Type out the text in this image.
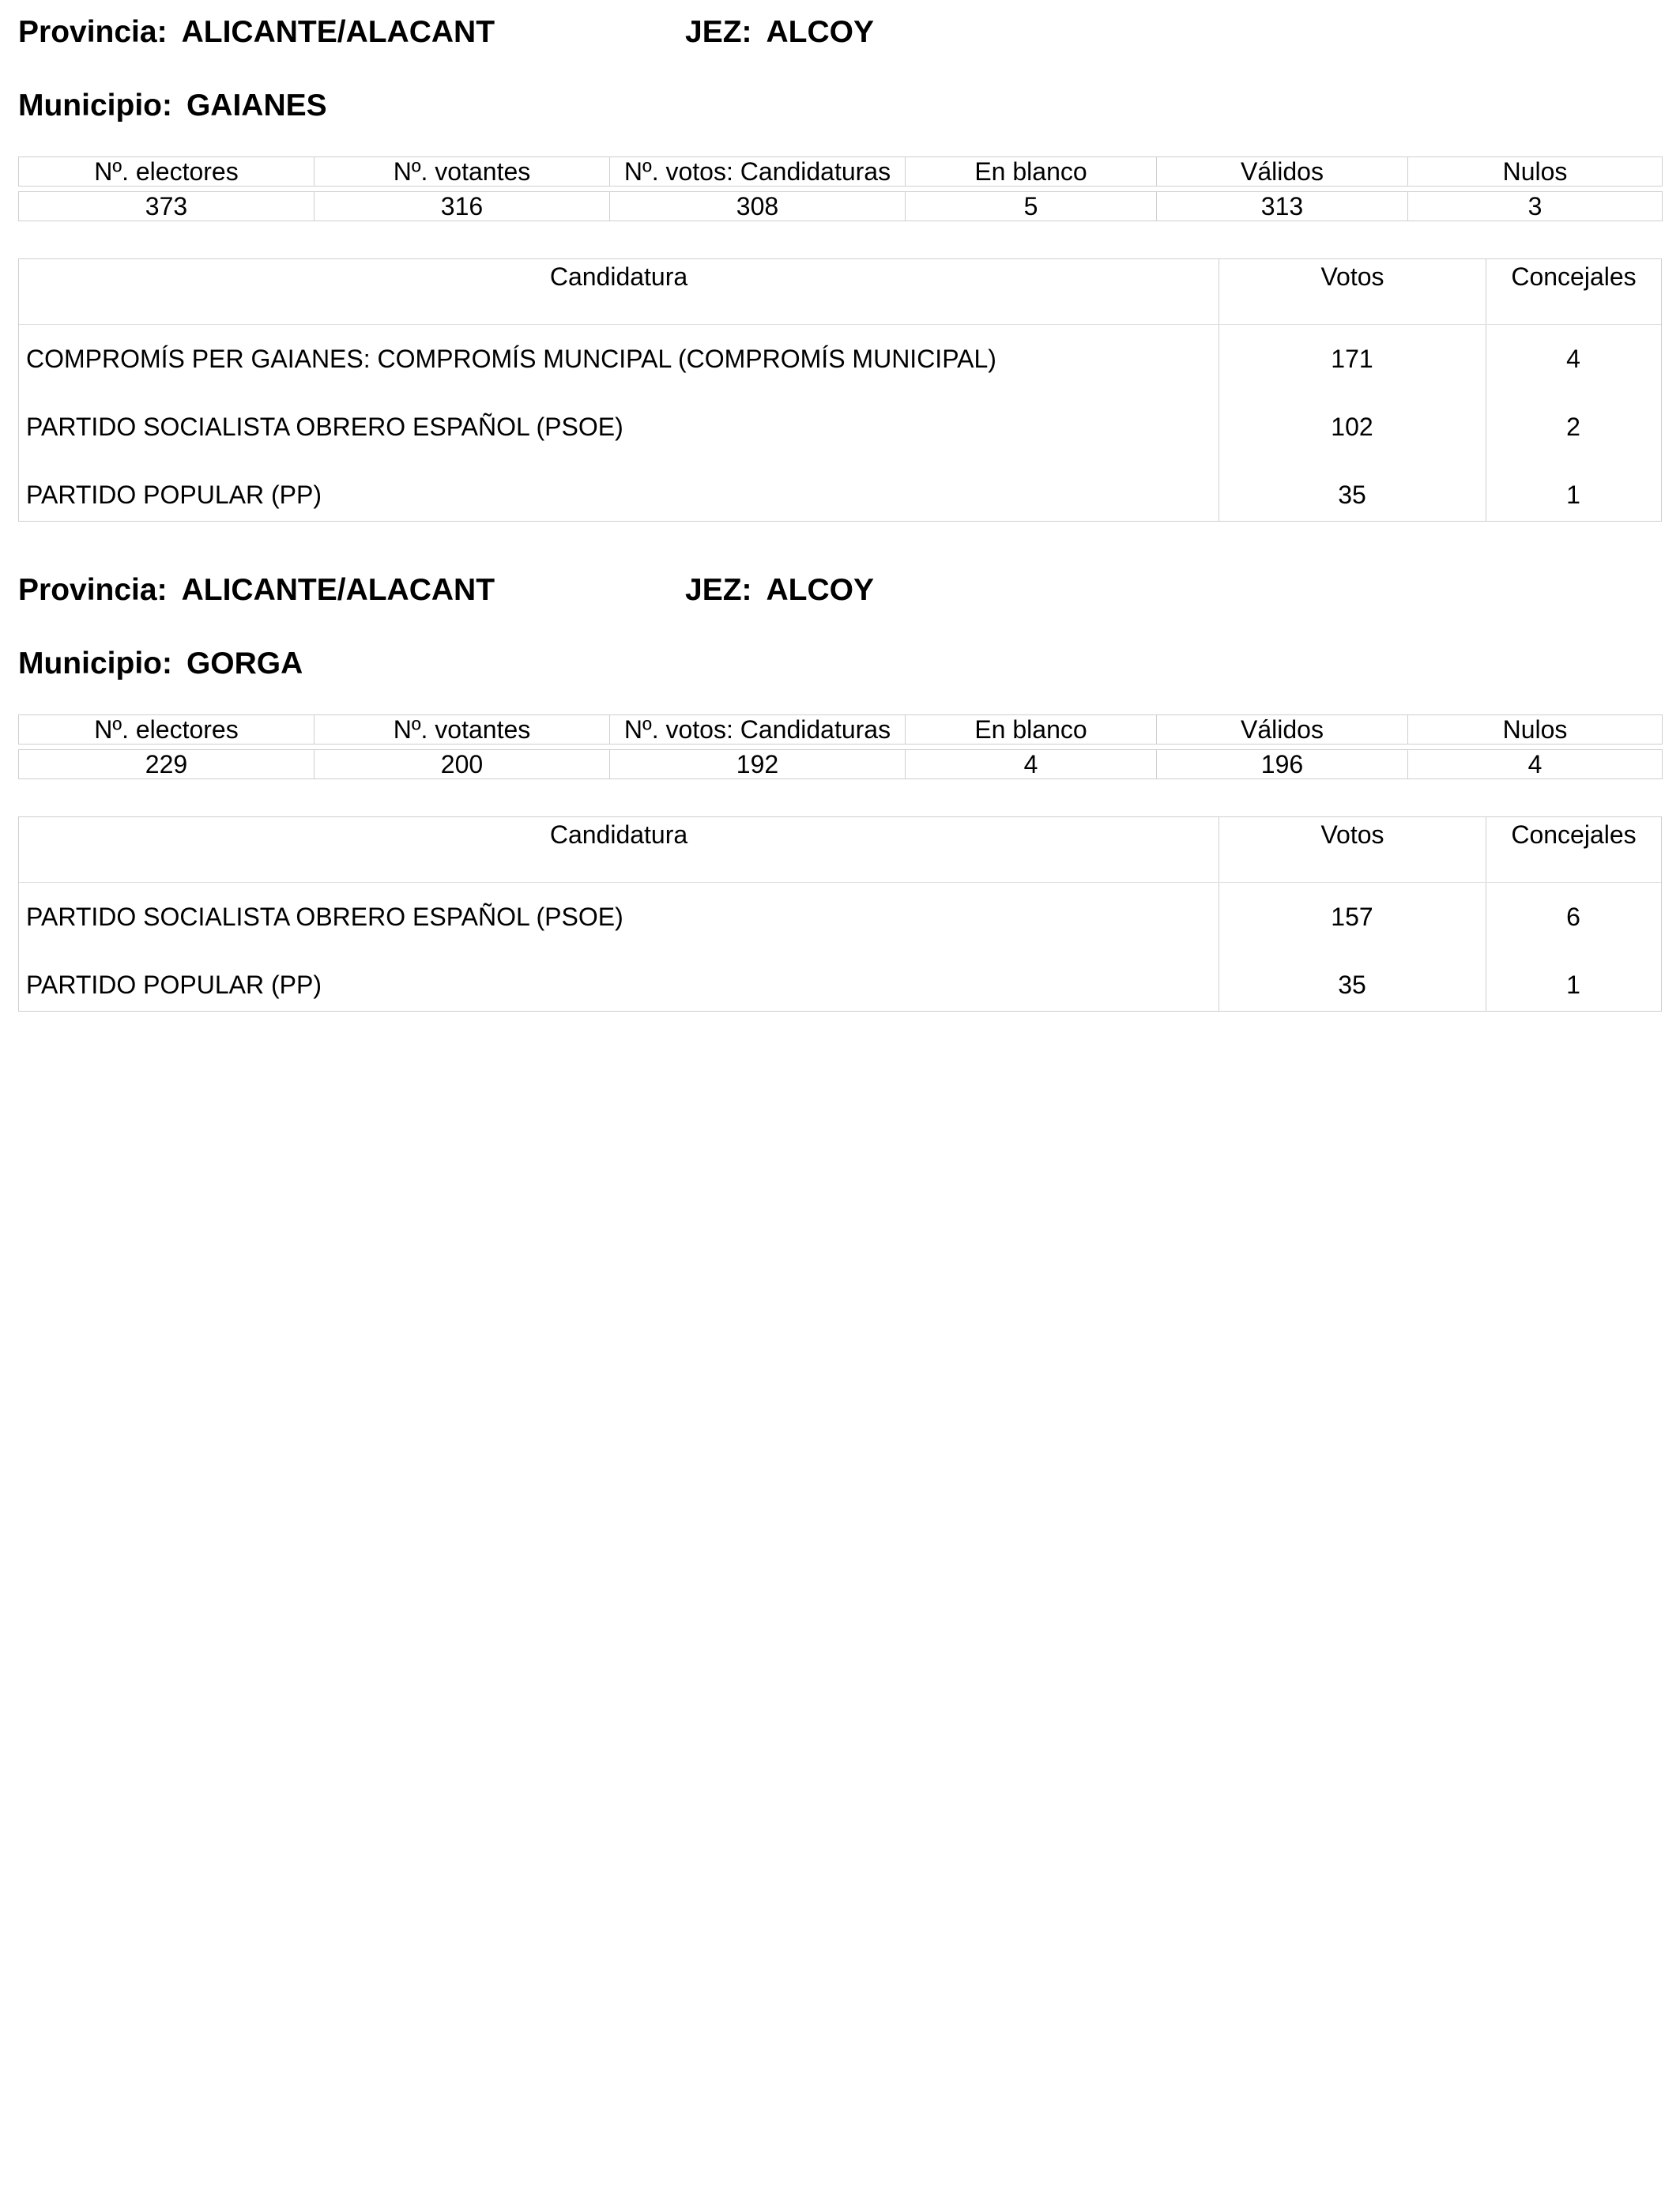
Provincia: ALICANTE/ALACANT	JEZ: ALCOY
Municipio: GAIANES
Nº. electores	Nº. votantes	Nº. votos: Candidaturas	En blanco	Válidos	Nulos

373	316	308	5	313	3
Candidatura	Votos	Concejales
COMPROMÍS PER GAIANES: COMPROMÍS MUNCIPAL (COMPROMÍS MUNICIPAL)	171	4
PARTIDO SOCIALISTA OBRERO ESPAÑOL (PSOE)	102	2
PARTIDO POPULAR (PP)	35	1
Provincia: ALICANTE/ALACANT	JEZ: ALCOY
Municipio: GORGA
Nº. electores	Nº. votantes	Nº. votos: Candidaturas	En blanco	Válidos	Nulos

229	200	192	4	196	4
Candidatura	Votos	Concejales
PARTIDO SOCIALISTA OBRERO ESPAÑOL (PSOE)	157	6
PARTIDO POPULAR (PP)	35	1
